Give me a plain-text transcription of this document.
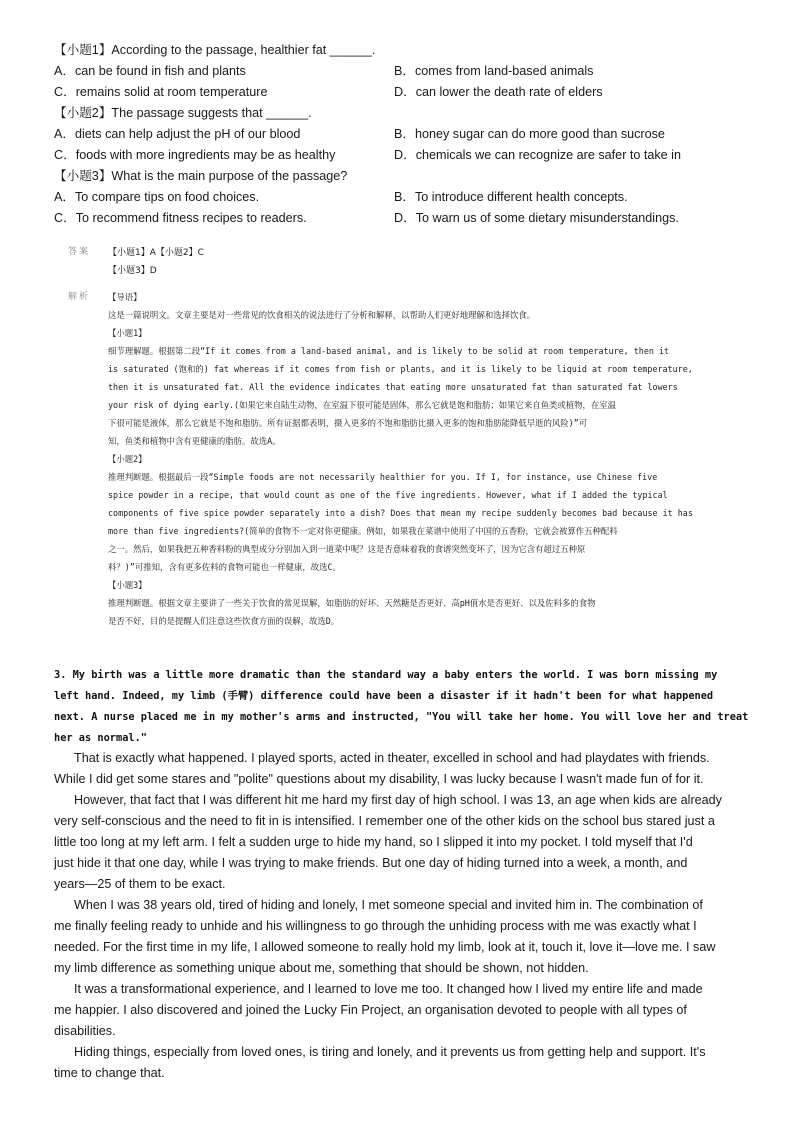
【小题1】According to the passage, healthier fat ______.
A．can be found in fish and plants	B．comes from land-based animals
C．remains solid at room temperature	D．can lower the death rate of elders
【小题2】The passage suggests that ______.
A．diets can help adjust the pH of our blood	B．honey sugar can do more good than sucrose
C．foods with more ingredients may be as healthy	D．chemicals we can recognize are safer to take in
【小题3】What is the main purpose of the passage?
A．To compare tips on food choices.	B．To introduce different health concepts.
C．To recommend fitness recipes to readers.	D．To warn us of some dietary misunderstandings.
答案 【小题1】A【小题2】C
【小题3】D
解析 【导语】
这是一篇说明文。文章主要是对一些常见的饮食相关的说法进行了分析和解释，以帮助人们更好地理解和选择饮食。
【小题1】
细节理解题。根据第二段“If it comes from a land-based animal, and is likely to be solid at room temperature, then it
is saturated (饱和的) fat whereas if it comes from fish or plants, and it is likely to be liquid at room temperature,
then it is unsaturated fat. All the evidence indicates that eating more unsaturated fat than saturated fat lowers
your risk of dying early.(如果它来自陆生动物，在室温下很可能是固体，那么它就是饱和脂肪；如果它来自鱼类或植物，在室温
下很可能是液体，那么它就是不饱和脂肪。所有证据都表明，摄入更多的不饱和脂肪比摄入更多的饱和脂肪能降低早逝的风险)”可
知，鱼类和植物中含有更健康的脂肪。故选A。
【小题2】
推理判断题。根据最后一段“Simple foods are not necessarily healthier for you. If I, for instance, use Chinese five
spice powder in a recipe, that would count as one of the five ingredients. However, what if I added the typical
components of five spice powder separately into a dish? Does that mean my recipe suddenly becomes bad because it has
more than five ingredients?(简单的食物不一定对你更健康。例如，如果我在菜谱中使用了中国的五香粉，它就会被算作五种配料
之一。然后，如果我把五种香料粉的典型成分分别加入到一道菜中呢？这是否意味着我的食谱突然变坏了，因为它含有超过五种原
料？)”可推知，含有更多佐料的食物可能也一样健康，故选C。
【小题3】
推理判断题。根据文章主要讲了一些关于饮食的常见误解，如脂肪的好坏、天然糖是否更好、高pH值水是否更好、以及佐料多的食物
是否不好，目的是提醒人们注意这些饮食方面的误解，故选D。
3. My birth was a little more dramatic than the standard way a baby enters the world. I was born missing my
left hand. Indeed, my limb (手臂) difference could have been a disaster if it hadn't been for what happened
next. A nurse placed me in my mother's arms and instructed, "You will take her home. You will love her and treat
her as normal."
That is exactly what happened. I played sports, acted in theater, excelled in school and had playdates with friends.
While I did get some stares and "polite" questions about my disability, I was lucky because I wasn't made fun of for it.
However, that fact that I was different hit me hard my first day of high school. I was 13, an age when kids are already
very self-conscious and the need to fit in is intensified. I remember one of the other kids on the school bus stared just a
little too long at my left arm. I felt a sudden urge to hide my hand, so I slipped it into my pocket. I told myself that I'd
just hide it that one day, while I was trying to make friends. But one day of hiding turned into a week, a month, and
years—25 of them to be exact.
When I was 38 years old, tired of hiding and lonely, I met someone special and invited him in. The combination of
me finally feeling ready to unhide and his willingness to go through the unhiding process with me was exactly what I
needed. For the first time in my life, I allowed someone to really hold my limb, look at it, touch it, love it—love me. I saw
my limb difference as something unique about me, something that should be shown, not hidden.
It was a transformational experience, and I learned to love me too. It changed how I lived my entire life and made
me happier. I also discovered and joined the Lucky Fin Project, an organisation devoted to people with all types of
disabilities.
Hiding things, especially from loved ones, is tiring and lonely, and it prevents us from getting help and support. It's
time to change that.
